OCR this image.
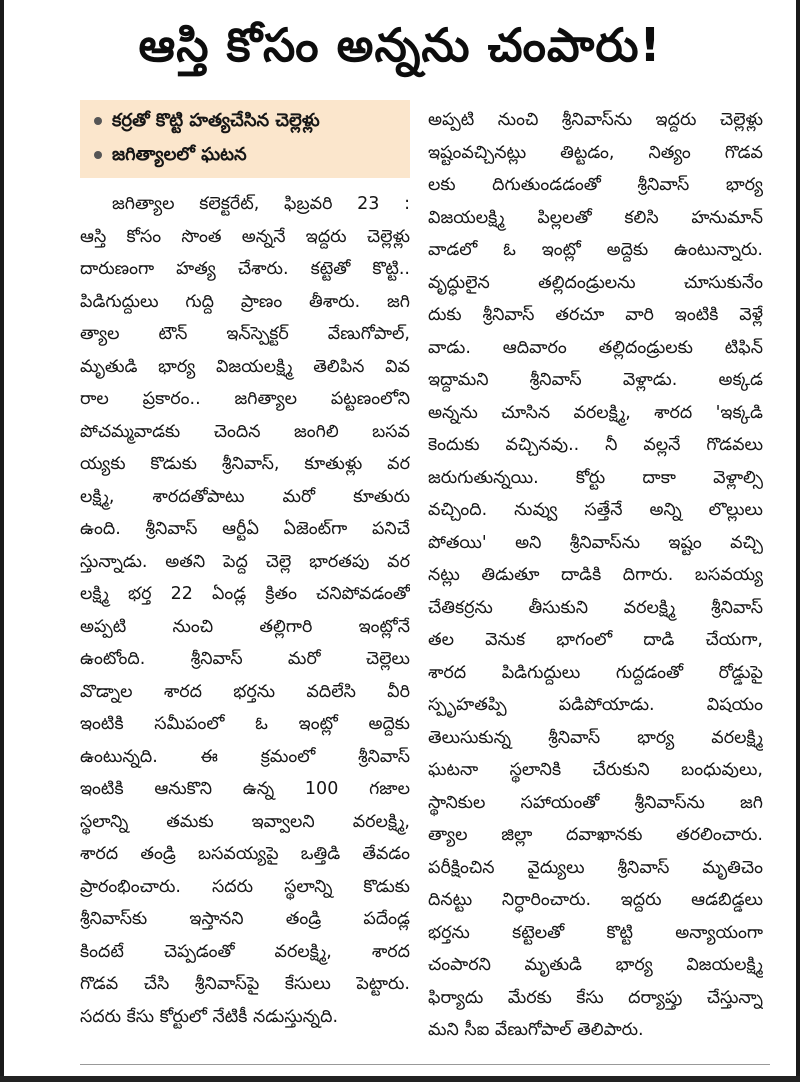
ఆస్తి కోసం అన్నను చంపారు!
కర్రతో కొట్టి హత్యచేసిన చెల్లెళ్లు
జగిత్యాలలో ఘటన
జగిత్యాల కలెక్టరేట్, ఫిబ్రవరి 23 :
ఆస్తి కోసం సొంత అన్ననే ఇద్దరు చెల్లెళ్లు
దారుణంగా హత్య చేశారు. కట్టెతో కొట్టి..
పిడిగుద్దులు గుద్ది ప్రాణం తీశారు. జగి
త్యాల టౌన్ ఇన్‌స్పెక్టర్ వేణుగోపాల్,
మృతుడి భార్య విజయలక్ష్మి తెలిపిన వివ
రాల ప్రకారం.. జగిత్యాల పట్టణంలోని
పోచమ్మవాడకు చెందిన జంగిలి బసవ
య్యకు కొడుకు శ్రీనివాస్, కూతుళ్లు వర
లక్ష్మి, శారదతోపాటు మరో కూతురు
ఉంది. శ్రీనివాస్ ఆర్టీఏ ఏజెంట్‌గా పనిచే
స్తున్నాడు. అతని పెద్ద చెల్లె భారతపు వర
లక్ష్మి భర్త 22 ఏండ్ల క్రితం చనిపోవడంతో
అప్పటి నుంచి తల్లిగారి ఇంట్లోనే
ఉంటోంది. శ్రీనివాస్ మరో చెల్లెలు
వొడ్నాల శారద భర్తను వదిలేసి వీరి
ఇంటికి సమీపంలో ఓ ఇంట్లో అద్దెకు
ఉంటున్నది. ఈ క్రమంలో శ్రీనివాస్
ఇంటికి ఆనుకొని ఉన్న 100 గజాల
స్థలాన్ని తమకు ఇవ్వాలని వరలక్ష్మి,
శారద తండ్రి బసవయ్యపై ఒత్తిడి తేవడం
ప్రారంభించారు. సదరు స్థలాన్ని కొడుకు
శ్రీనివాస్‌కు ఇస్తానని తండ్రి పదేండ్ల
కిందటే చెప్పడంతో వరలక్ష్మి, శారద
గొడవ చేసి శ్రీనివాస్‌పై కేసులు పెట్టారు.
సదరు కేసు కోర్టులో నేటికీ నడుస్తున్నది.
అప్పటి నుంచి శ్రీనివాస్‌ను ఇద్దరు చెల్లెళ్లు
ఇష్టంవచ్చినట్లు తిట్టడం, నిత్యం గొడవ
లకు దిగుతుండడంతో శ్రీనివాస్ భార్య
విజయలక్ష్మి పిల్లలతో కలిసి హనుమాన్
వాడలో ఓ ఇంట్లో అద్దెకు ఉంటున్నారు.
వృద్ధులైన తల్లిదండ్రులను చూసుకునేం
దుకు శ్రీనివాస్ తరచూ వారి ఇంటికి వెళ్లే
వాడు. ఆదివారం తల్లిదండ్రులకు టిఫిన్
ఇద్దామని శ్రీనివాస్ వెళ్లాడు. అక్కడ
అన్నను చూసిన వరలక్ష్మి, శారద 'ఇక్కడి
కెందుకు వచ్చినవు.. నీ వల్లనే గొడవలు
జరుగుతున్నయి. కోర్టు దాకా వెళ్లాల్సి
వచ్చింది. నువ్వు సత్తేనే అన్ని లొల్లులు
పోతయి' అని శ్రీనివాస్‌ను ఇష్టం వచ్చి
నట్లు తిడుతూ దాడికి దిగారు. బసవయ్య
చేతికర్రను తీసుకుని వరలక్ష్మి శ్రీనివాస్
తల వెనుక భాగంలో దాడి చేయగా,
శారద పిడిగుద్దులు గుద్దడంతో రోడ్డుపై
స్పృహతప్పి పడిపోయాడు. విషయం
తెలుసుకున్న శ్రీనివాస్ భార్య వరలక్ష్మి
ఘటనా స్థలానికి చేరుకుని బంధువులు,
స్థానికుల సహాయంతో శ్రీనివాస్‌ను జగి
త్యాల జిల్లా దవాఖానకు తరలించారు.
పరీక్షించిన వైద్యులు శ్రీనివాస్ మృతిచెం
దినట్టు నిర్ధారించారు. ఇద్దరు ఆడబిడ్డలు
భర్తను కట్టెలతో కొట్టి అన్యాయంగా
చంపారని మృతుడి భార్య విజయలక్ష్మి
ఫిర్యాదు మేరకు కేసు దర్యాప్తు చేస్తున్నా
మని సీఐ వేణుగోపాల్ తెలిపారు.
